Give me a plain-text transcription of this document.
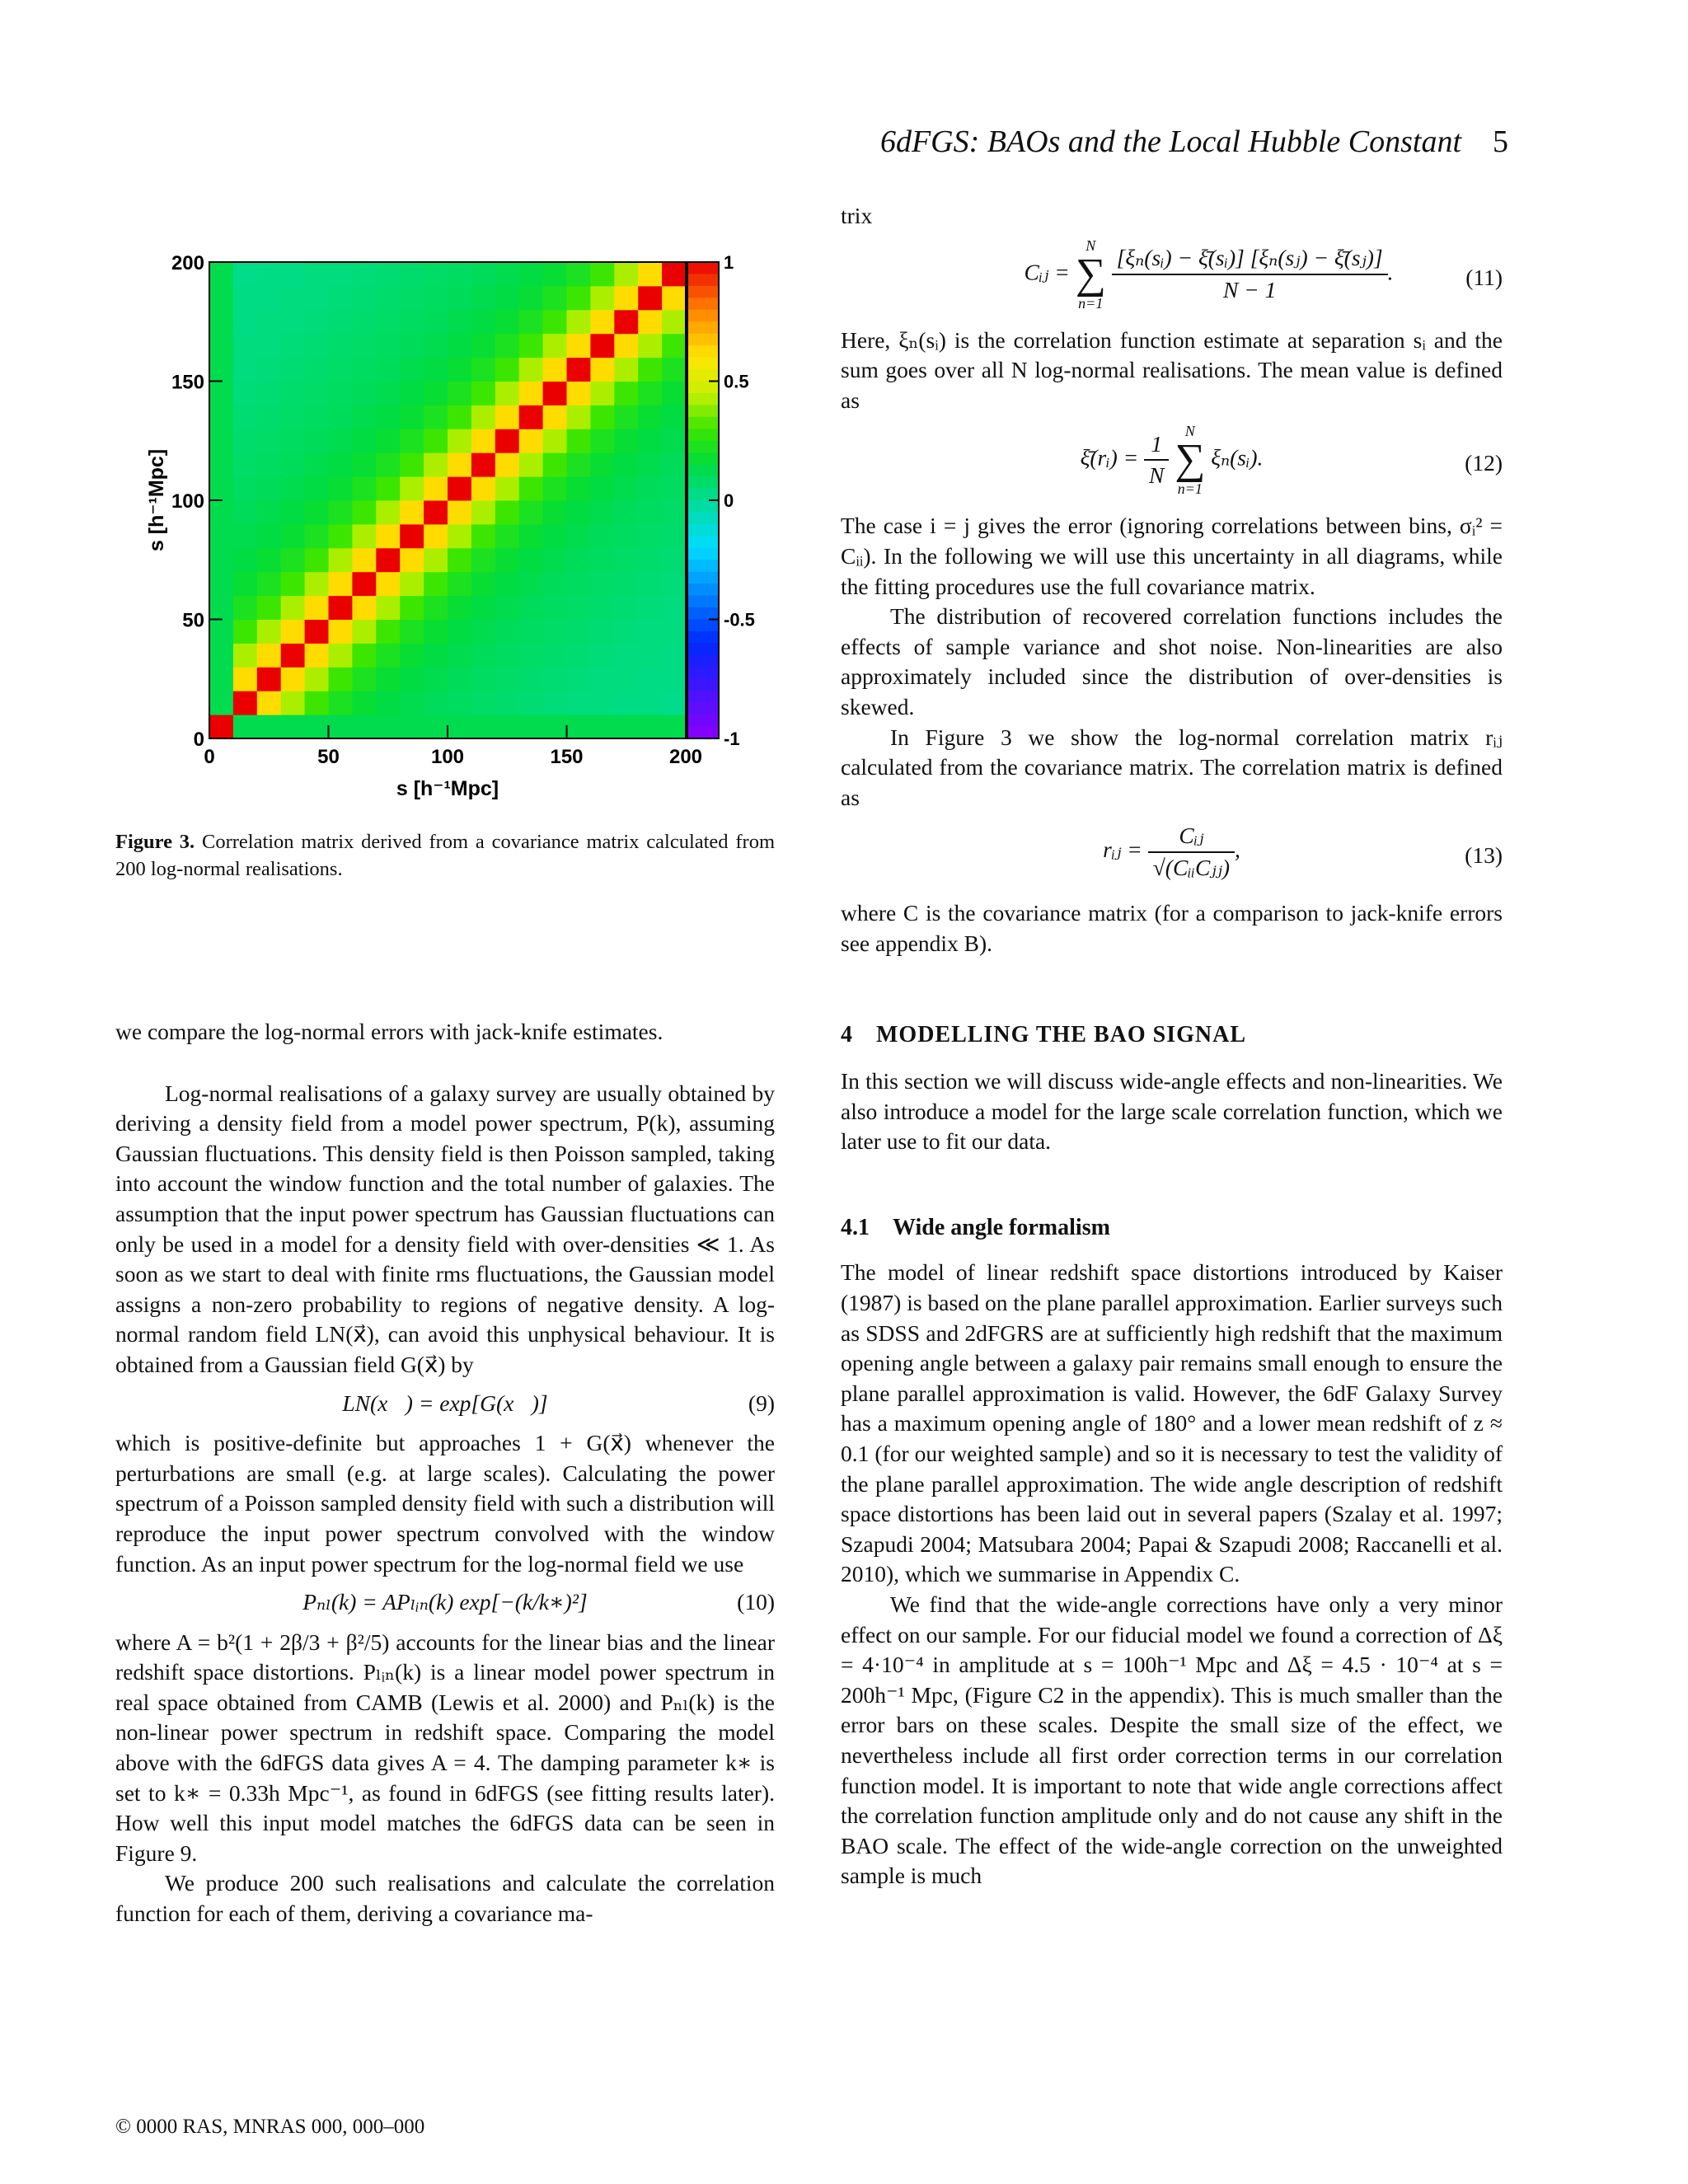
6dFGS: BAOs and the Local Hubble Constant 5
0	50	100	150	200
0
50
100
150
200	1
0.5
0
-0.5
-1
s [h⁻¹Mpc]
s [h⁻¹Mpc]
Figure 3. Correlation matrix derived from a covariance matrix calculated from 200 log-normal realisations.

we compare the log-normal errors with jack-knife estimates.

Log-normal realisations of a galaxy survey are usually obtained by deriving a density field from a model power spectrum, P(k), assuming Gaussian fluctuations. This density field is then Poisson sampled, taking into account the window function and the total number of galaxies. The assumption that the input power spectrum has Gaussian fluctuations can only be used in a model for a density field with over-densities ≪ 1. As soon as we start to deal with finite rms fluctuations, the Gaussian model assigns a non-zero probability to regions of negative density. A log-normal random field LN(x⃗), can avoid this unphysical behaviour. It is obtained from a Gaussian field G(x⃗) by

LN(x⃗) = exp[G(x⃗)]	(9)

which is positive-definite but approaches 1 + G(x⃗) whenever the perturbations are small (e.g. at large scales). Calculating the power spectrum of a Poisson sampled density field with such a distribution will reproduce the input power spectrum convolved with the window function. As an input power spectrum for the log-normal field we use

Pₙₗ(k) = APₗᵢₙ(k) exp[−(k/k∗)²]	(10)

where A = b²(1 + 2β/3 + β²/5) accounts for the linear bias and the linear redshift space distortions. Pₗᵢₙ(k) is a linear model power spectrum in real space obtained from CAMB (Lewis et al. 2000) and Pₙₗ(k) is the non-linear power spectrum in redshift space. Comparing the model above with the 6dFGS data gives A = 4. The damping parameter k∗ is set to k∗ = 0.33h Mpc⁻¹, as found in 6dFGS (see fitting results later). How well this input model matches the 6dFGS data can be seen in Figure 9.

We produce 200 such realisations and calculate the correlation function for each of them, deriving a covariance ma-

trix

Cᵢⱼ =
N
∑
n=1
$\frac{\text{[ξₙ(sᵢ) − ξ̄(sᵢ)] [ξₙ(sⱼ) − ξ̄(sⱼ)]}}{N - 1}$ .	(11)

Here, ξₙ(sᵢ) is the correlation function estimate at separation sᵢ and the sum goes over all N log-normal realisations. The mean value is defined as

ξ̄(rᵢ) = $\frac{1}{N}$
	N
∑
n=1
ξₙ(sᵢ).	(12)

The case i = j gives the error (ignoring correlations between bins, σᵢ² = Cᵢᵢ). In the following we will use this uncertainty in all diagrams, while the fitting procedures use the full covariance matrix.

The distribution of recovered correlation functions includes the effects of sample variance and shot noise. Non-linearities are also approximately included since the distribution of over-densities is skewed.

In Figure 3 we show the log-normal correlation matrix rᵢⱼ calculated from the covariance matrix. The correlation matrix is defined as

rᵢⱼ = $\frac{\text{Cᵢⱼ}}{\text{√(CᵢᵢCⱼⱼ)}}$ ,	(13)

where C is the covariance matrix (for a comparison to jack-knife errors see appendix B).

4 MODELLING THE BAO SIGNAL

In this section we will discuss wide-angle effects and non-linearities. We also introduce a model for the large scale correlation function, which we later use to fit our data.

4.1 Wide angle formalism

The model of linear redshift space distortions introduced by Kaiser (1987) is based on the plane parallel approximation. Earlier surveys such as SDSS and 2dFGRS are at sufficiently high redshift that the maximum opening angle between a galaxy pair remains small enough to ensure the plane parallel approximation is valid. However, the 6dF Galaxy Survey has a maximum opening angle of 180° and a lower mean redshift of z ≈ 0.1 (for our weighted sample) and so it is necessary to test the validity of the plane parallel approximation. The wide angle description of redshift space distortions has been laid out in several papers (Szalay et al. 1997; Szapudi 2004; Matsubara 2004; Papai & Szapudi 2008; Raccanelli et al. 2010), which we summarise in Appendix C.

We find that the wide-angle corrections have only a very minor effect on our sample. For our fiducial model we found a correction of Δξ = 4·10⁻⁴ in amplitude at s = 100h⁻¹ Mpc and Δξ = 4.5 · 10⁻⁴ at s = 200h⁻¹ Mpc, (Figure C2 in the appendix). This is much smaller than the error bars on these scales. Despite the small size of the effect, we nevertheless include all first order correction terms in our correlation function model. It is important to note that wide angle corrections affect the correlation function amplitude only and do not cause any shift in the BAO scale. The effect of the wide-angle correction on the unweighted sample is much

© 0000 RAS, MNRAS 000, 000–000
